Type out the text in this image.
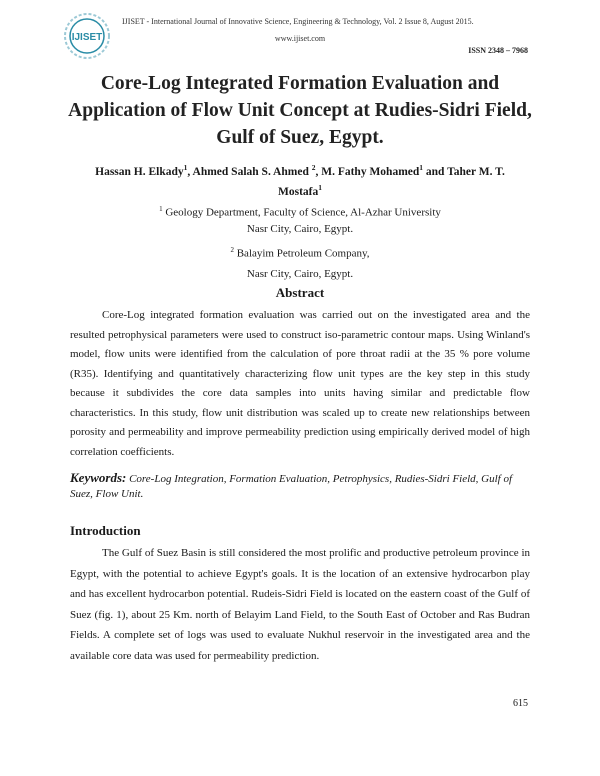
IJISET
IJISET - International Journal of Innovative Science, Engineering & Technology, Vol. 2 Issue 8, August 2015.
www.ijiset.com
ISSN 2348 – 7968
Core-Log Integrated Formation Evaluation and Application of Flow Unit Concept at Rudies-Sidri Field, Gulf of Suez, Egypt.
Hassan H. Elkady$^1$, Ahmed Salah S. Ahmed $^2$, M. Fathy Mohamed$^1$ and Taher M. T. Mostafa$^1$
$^1$ Geology Department, Faculty of Science, Al-Azhar University
Nasr City, Cairo, Egypt.
$^2$ Balayim Petroleum Company,
Nasr City, Cairo, Egypt.
Abstract

Core-Log integrated formation evaluation was carried out on the investigated area and the resulted petrophysical parameters were used to construct iso-parametric contour maps. Using Winland's model, flow units were identified from the calculation of pore throat radii at the 35 % pore volume (R35). Identifying and quantitatively characterizing flow unit types are the key step in this study because it subdivides the core data samples into units having similar and predictable flow characteristics. In this study, flow unit distribution was scaled up to create new relationships between porosity and permeability and improve permeability prediction using empirically derived model of high correlation coefficients.

Keywords: Core-Log Integration, Formation Evaluation, Petrophysics, Rudies-Sidri Field, Gulf of Suez, Flow Unit.

Introduction

The Gulf of Suez Basin is still considered the most prolific and productive petroleum province in Egypt, with the potential to achieve Egypt's goals. It is the location of an extensive hydrocarbon play and has excellent hydrocarbon potential. Rudeis-Sidri Field is located on the eastern coast of the Gulf of Suez (fig. 1), about 25 Km. north of Belayim Land Field, to the South East of October and Ras Budran Fields. A complete set of logs was used to evaluate Nukhul reservoir in the investigated area and the available core data was used for permeability prediction.

615
